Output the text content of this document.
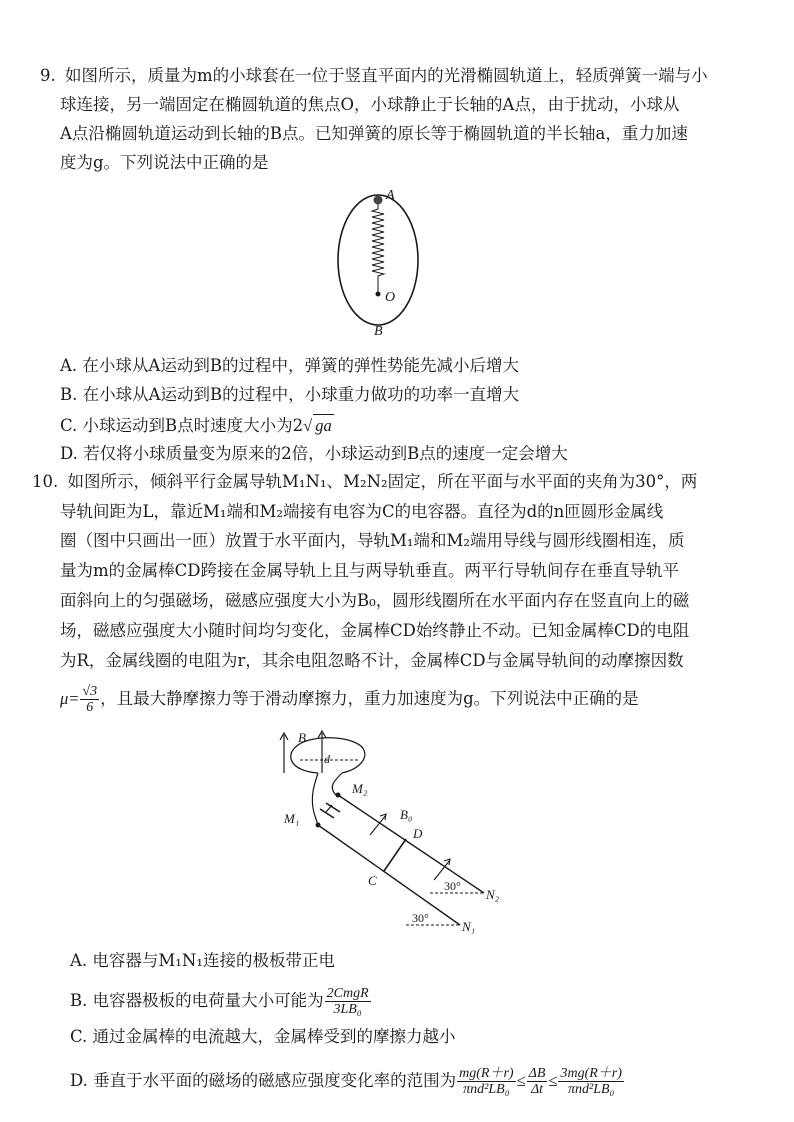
9. 如图所示，质量为m的小球套在一位于竖直平面内的光滑椭圆轨道上，轻质弹簧一端与小
球连接，另一端固定在椭圆轨道的焦点O，小球静止于长轴的A点，由于扰动，小球从
A点沿椭圆轨道运动到长轴的B点。已知弹簧的原长等于椭圆轨道的半长轴a，重力加速
度为g。下列说法中正确的是
A
O
B
A. 在小球从A运动到B的过程中，弹簧的弹性势能先减小后增大
B. 在小球从A运动到B的过程中，小球重力做功的功率一直增大
C. 小球运动到B点时速度大小为2√ ga
D. 若仅将小球质量变为原来的2倍，小球运动到B点的速度一定会增大
10. 如图所示，倾斜平行金属导轨M₁N₁、M₂N₂固定，所在平面与水平面的夹角为30°，两
导轨间距为L，靠近M₁端和M₂端接有电容为C的电容器。直径为d的n匝圆形金属线
圈（图中只画出一匝）放置于水平面内，导轨M₁端和M₂端用导线与圆形线圈相连，质
量为m的金属棒CD跨接在金属导轨上且与两导轨垂直。两平行导轨间存在垂直导轨平
面斜向上的匀强磁场，磁感应强度大小为B₀，圆形线圈所在水平面内存在竖直向上的磁
场，磁感应强度大小随时间均匀变化，金属棒CD始终静止不动。已知金属棒CD的电阻
为R，金属线圈的电阻为r，其余电阻忽略不计，金属棒CD与金属导轨间的动摩擦因数
$\mu= \frac{√3}{6}$ ，且最大静摩擦力等于滑动摩擦力，重力加速度为g。下列说法中正确的是
B
d
B₀
D
C
M₂
M₁
30°
30°
N₂
N₁
A. 电容器与M₁N₁连接的极板带正电
B. 电容器极板的电荷量大小可能为 $\frac{\text{2CmgR}}{\text{3LB₀}}$
C. 通过金属棒的电流越大，金属棒受到的摩擦力越小
D. 垂直于水平面的磁场的磁感应强度变化率的范围为 $\frac{mg(R+r)}{\text{πnd²LB₀}} \le \frac{\Delta B}{\Delta t} \le \frac{3mg(R+r)}{\text{πnd²LB₀}}$
